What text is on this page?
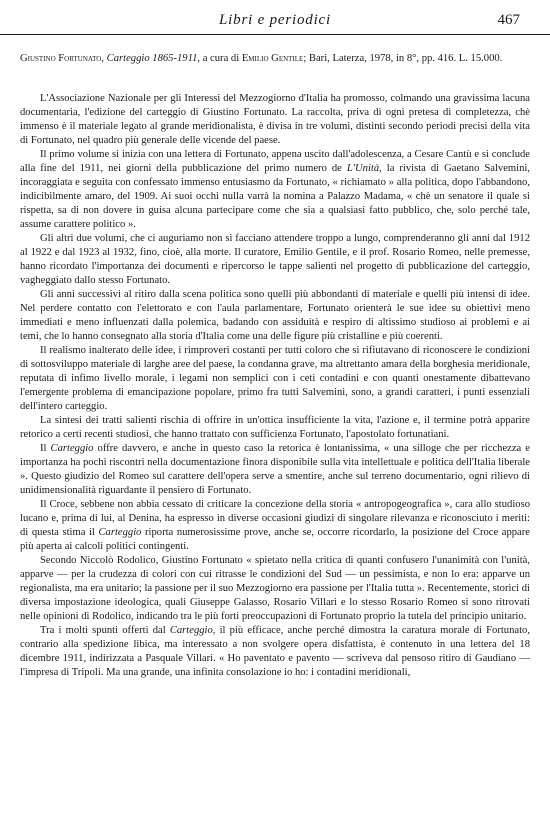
Libri e periodici	467
Giustino Fortunato, Carteggio 1865-1911, a cura di Emilio Gentile; Bari, Laterza, 1978, in 8°, pp. 416. L. 15.000.

L'Associazione Nazionale per gli Interessi del Mezzogiorno d'Italia ha promosso, colmando una gravissima lacuna documentaria, l'edizione del carteggio di Giustino Fortunato. La raccolta, priva di ogni pretesa di completezza, chè immenso è il materiale legato al grande meridionalista, è divisa in tre volumi, distinti secondo periodi precisi della vita di Fortunato, nel quadro più generale delle vicende del paese.

Il primo volume si inizia con una lettera di Fortunato, appena uscito dall'adolescenza, a Cesare Cantù e si conclude alla fine del 1911, nei giorni della pubblicazione del primo numero de L'Unità, la rivista di Gaetano Salvemini, incoraggiata e seguita con confessato immenso entusiasmo da Fortunato, « richiamato » alla politica, dopo l'abbandono, indicibilmente amaro, del 1909. Ai suoi occhi nulla varrà la nomina a Palazzo Madama, « chè un senatore il quale si rispetta, sa di non dovere in guisa alcuna partecipare come che sia a qualsiasi fatto pubblico, che, solo perché tale, assume carattere politico ».

Gli altri due volumi, che ci auguriamo non si facciano attendere troppo a lungo, comprenderanno gli anni dal 1912 al 1922 e dal 1923 al 1932, fino, cioè, alla morte. Il curatore, Emilio Gentile, e il prof. Rosario Romeo, nelle premesse, hanno ricordato l'importanza dei documenti e ripercorso le tappe salienti nel progetto di pubblicazione del carteggio, vagheggiato dallo stesso Fortunato.

Gli anni successivi al ritiro dalla scena politica sono quelli più abbondanti di materiale e quelli più intensi di idee. Nel perdere contatto con l'elettorato e con l'aula parlamentare, Fortunato orienterà le sue idee su obiettivi meno immediati e meno influenzati dalla polemica, badando con assiduità e respiro di altissimo studioso ai problemi e ai temi, che lo hanno consegnato alla storia d'Italia come una delle figure più cristalline e più coerenti.

Il realismo inalterato delle idee, i rimproveri costanti per tutti coloro che si rifiutavano di riconoscere le condizioni di sottosviluppo materiale di larghe aree del paese, la condanna grave, ma altrettanto amara della borghesia meridionale, reputata di infimo livello morale, i legami non semplici con i ceti contadini e con quanti onestamente dibattevano l'emergente problema di emancipazione popolare, primo fra tutti Salvemini, sono, a grandi caratteri, i punti essenziali dell'intero carteggio.

La sintesi dei tratti salienti rischia di offrire in un'ottica insufficiente la vita, l'azione e, il termine potrà apparire retorico a certi recenti studiosi, che hanno trattato con sufficienza Fortunato, l'apostolato fortunatiani.

Il Carteggio offre davvero, e anche in questo caso la retorica è lontanissima, « una silloge che per ricchezza e importanza ha pochi riscontri nella documentazione finora disponibile sulla vita intellettuale e politica dell'Italia liberale ». Questo giudizio del Romeo sul carattere dell'opera serve a smentire, anche sul terreno documentario, ogni rilievo di unidimensionalità riguardante il pensiero di Fortunato.

Il Croce, sebbene non abbia cessato di criticare la concezione della storia « antropogeografica », cara allo studioso lucano e, prima di lui, al Denina, ha espresso in diverse occasioni giudizi di singolare rilevanza e riconosciuto i meriti: di questa stima il Carteggio riporta numerosissime prove, anche se, occorre ricordarlo, la posizione del Croce appare più aperta ai calcoli politici contingenti.

Secondo Niccolò Rodolico, Giustino Fortunato « spietato nella critica di quanti confusero l'unanimità con l'unità, apparve — per la crudezza di colori con cui ritrasse le condizioni del Sud — un pessimista, e non lo era: apparve un regionalista, ma era unitario; la passione per il suo Mezzogiorno era passione per l'Italia tutta ». Recentemente, storici di diversa impostazione ideologica, quali Giuseppe Galasso, Rosario Villari e lo stesso Rosario Romeo si sono ritrovati nelle opinioni di Rodolico, indicando tra le più forti preoccupazioni di Fortunato proprio la tutela del principio unitario.

Tra i molti spunti offerti dal Carteggio, il più efficace, anche perché dimostra la caratura morale di Fortunato, contrario alla spedizione libica, ma interessato a non svolgere opera disfattista, è contenuto in una lettera del 18 dicembre 1911, indirizzata a Pasquale Villari. « Ho paventato e pavento — scriveva dal pensoso ritiro di Gaudiano — l'impresa di Tripoli. Ma una grande, una infinita consolazione io ho: i contadini meridionali,
